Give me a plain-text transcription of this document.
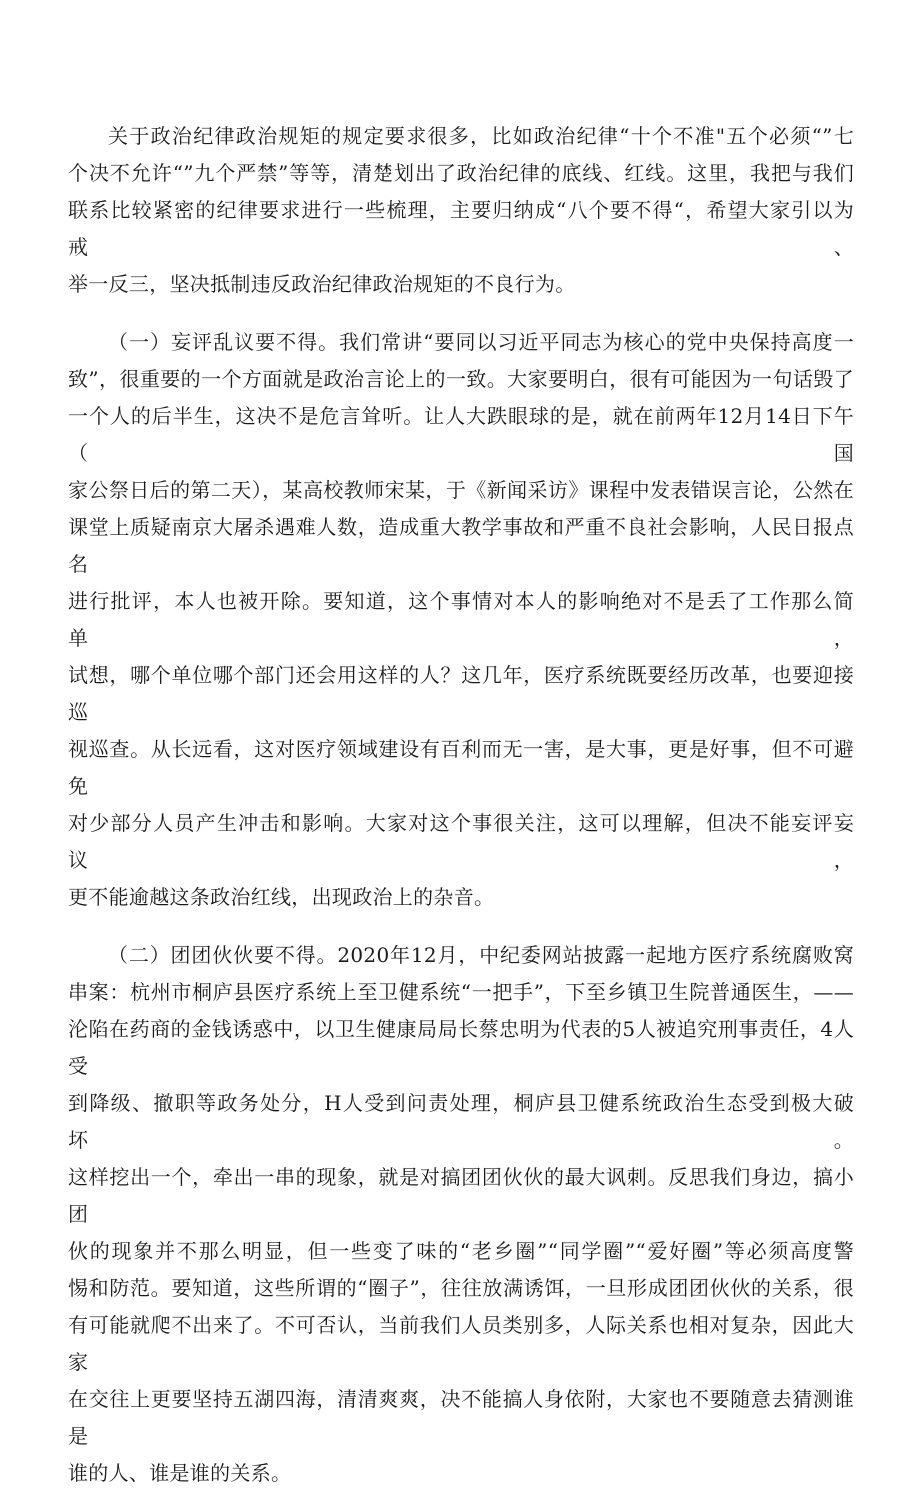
关于政治纪律政治规矩的规定要求很多，比如政治纪律“十个不准"五个必须“”七
个决不允许“”九个严禁”等等，清楚划出了政治纪律的底线、红线。这里，我把与我们
联系比较紧密的纪律要求进行一些梳理，主要归纳成“八个要不得“，希望大家引以为戒、
举一反三，坚决抵制违反政治纪律政治规矩的不良行为。
（一）妄评乱议要不得。我们常讲“要同以习近平同志为核心的党中央保持高度一
致”，很重要的一个方面就是政治言论上的一致。大家要明白，很有可能因为一句话毁了
一个人的后半生，这决不是危言耸听。让人大跌眼球的是，就在前两年12月14日下午（国
家公祭日后的第二天），某高校教师宋某，于《新闻采访》课程中发表错误言论，公然在
课堂上质疑南京大屠杀遇难人数，造成重大教学事故和严重不良社会影响，人民日报点名
进行批评，本人也被开除。要知道，这个事情对本人的影响绝对不是丢了工作那么简单，
试想，哪个单位哪个部门还会用这样的人？这几年，医疗系统既要经历改革，也要迎接巡
视巡查。从长远看，这对医疗领域建设有百利而无一害，是大事，更是好事，但不可避免
对少部分人员产生冲击和影响。大家对这个事很关注，这可以理解，但决不能妄评妄议，
更不能逾越这条政治红线，出现政治上的杂音。
（二）团团伙伙要不得。2020年12月，中纪委网站披露一起地方医疗系统腐败窝
串案：杭州市桐庐县医疗系统上至卫健系统“一把手”，下至乡镇卫生院普通医生，——
沦陷在药商的金钱诱惑中，以卫生健康局局长蔡忠明为代表的5人被追究刑事责任，4人受
到降级、撤职等政务处分，H人受到问责处理，桐庐县卫健系统政治生态受到极大破坏。
这样挖出一个，牵出一串的现象，就是对搞团团伙伙的最大讽刺。反思我们身边，搞小团
伙的现象并不那么明显，但一些变了味的“老乡圈”“同学圈”“爱好圈”等必须高度警
惕和防范。要知道，这些所谓的“圈子”，往往放满诱饵，一旦形成团团伙伙的关系，很
有可能就爬不出来了。不可否认，当前我们人员类别多，人际关系也相对复杂，因此大家
在交往上更要坚持五湖四海，清清爽爽，决不能搞人身依附，大家也不要随意去猜测谁是
谁的人、谁是谁的关系。
